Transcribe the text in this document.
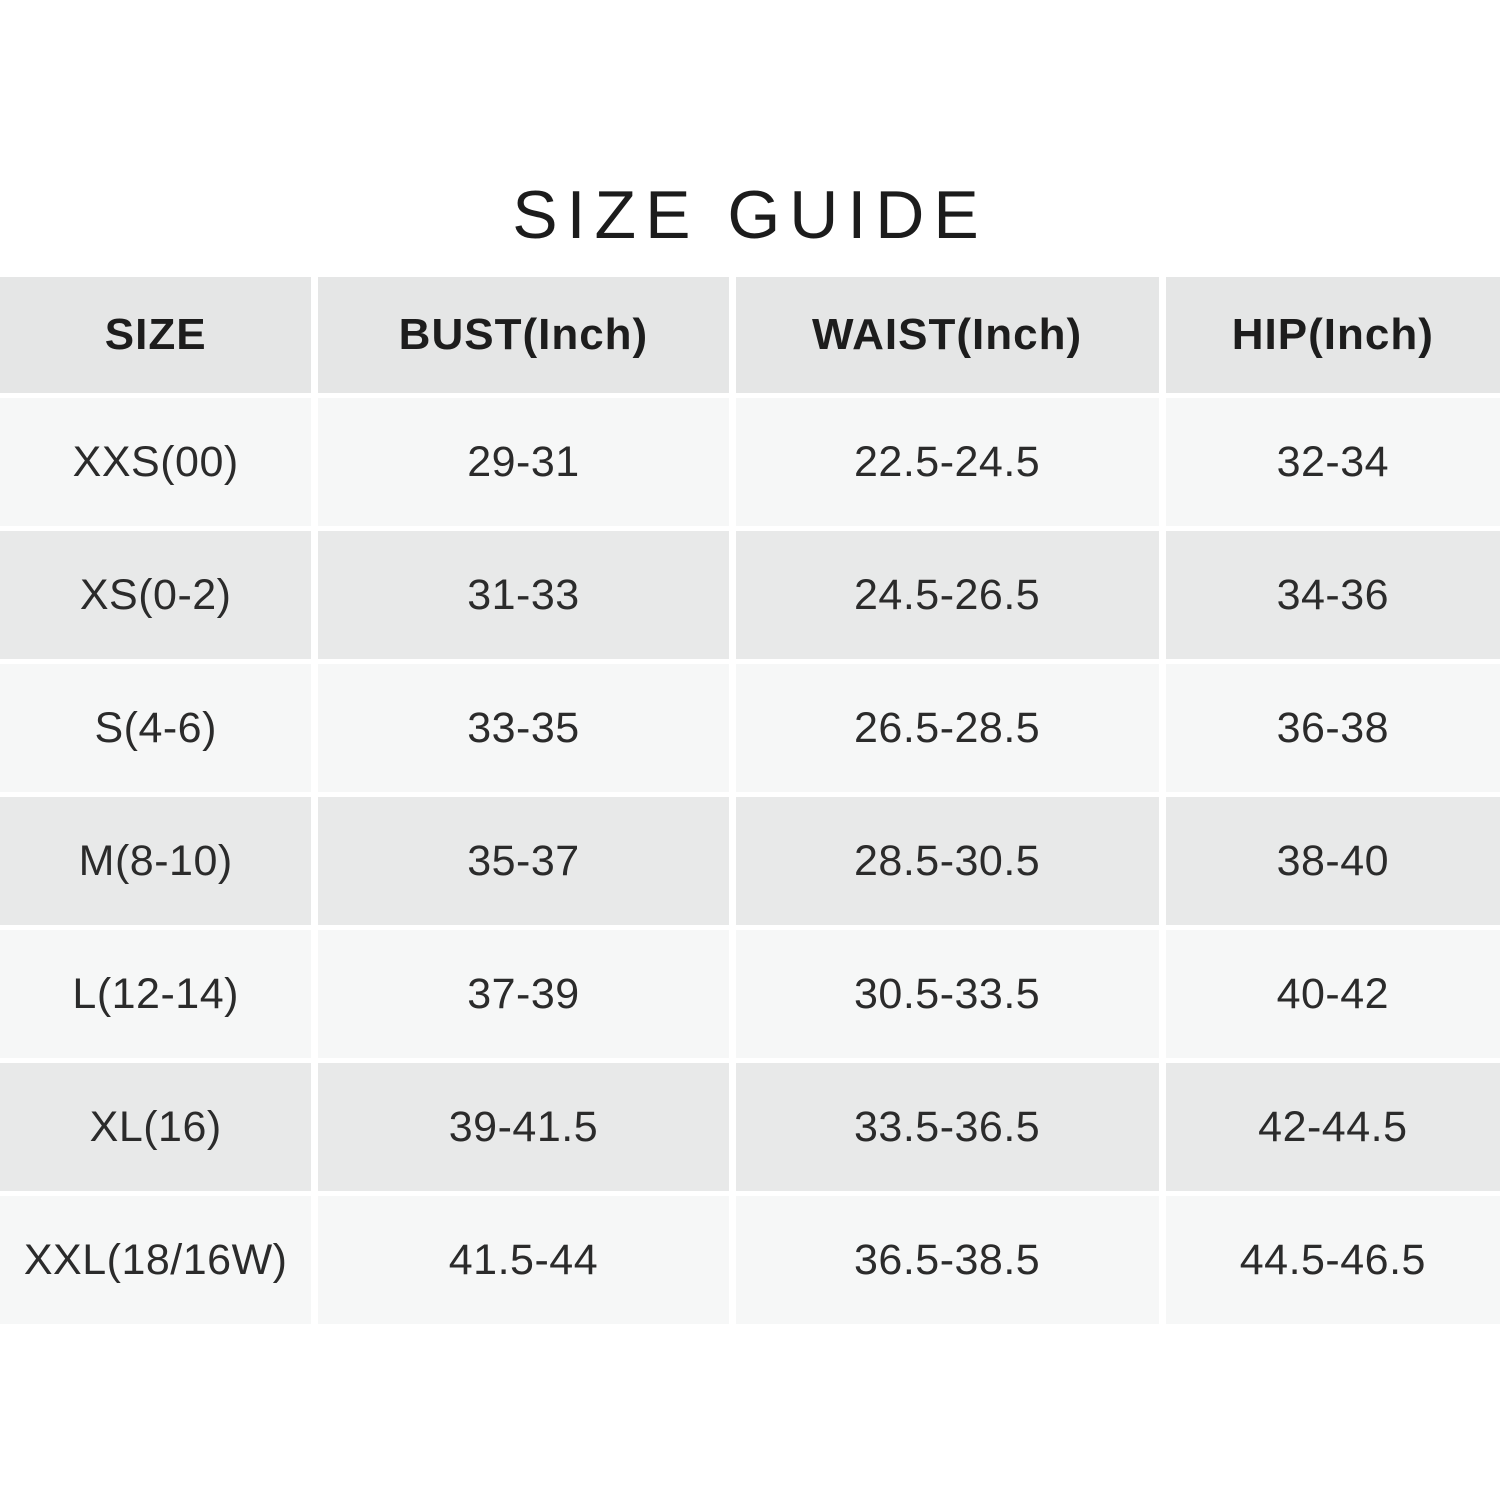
SIZE GUIDE
SIZE	BUST(Inch)	WAIST(Inch)	HIP(Inch)
XXS(00)	29-31	22.5-24.5	32-34
XS(0-2)	31-33	24.5-26.5	34-36
S(4-6)	33-35	26.5-28.5	36-38
M(8-10)	35-37	28.5-30.5	38-40
L(12-14)	37-39	30.5-33.5	40-42
XL(16)	39-41.5	33.5-36.5	42-44.5
XXL(18/16W)	41.5-44	36.5-38.5	44.5-46.5
